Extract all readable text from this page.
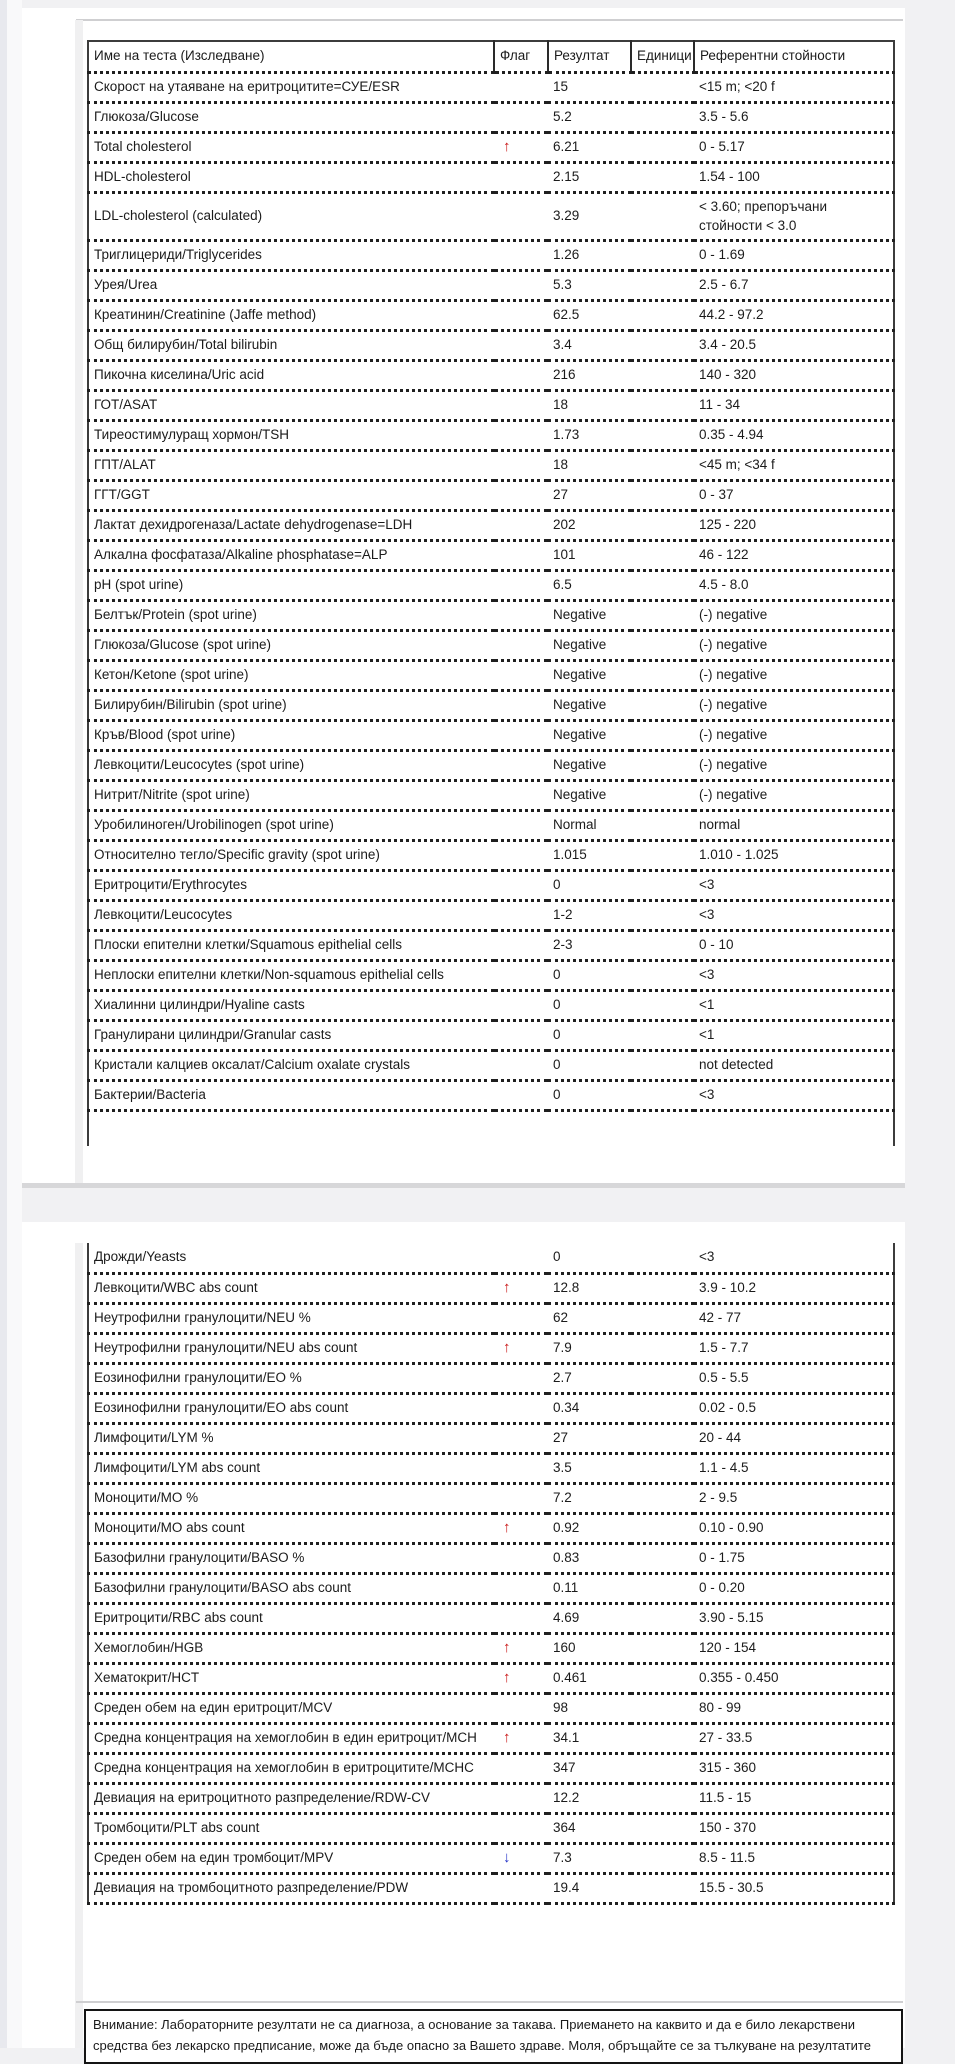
Име на теста (Изследване)	Флаг	Резултат	Единици	Референтни стойности
Скорост на утаяване на еритроцитите=СУЕ/ESR		15		<15 m; <20 f
Глюкоза/Glucose		5.2		3.5 - 5.6
Total cholesterol	↑	6.21		0 - 5.17
HDL-cholesterol		2.15		1.54 - 100
LDL-cholesterol (calculated)		3.29		< 3.60; препоръчани стойности < 3.0
Триглицериди/Triglycerides		1.26		0 - 1.69
Урея/Urea		5.3		2.5 - 6.7
Креатинин/Creatinine (Jaffe method)		62.5		44.2 - 97.2
Общ билирубин/Total bilirubin		3.4		3.4 - 20.5
Пикочна киселина/Uric acid		216		140 - 320
ГОТ/ASAT		18		11 - 34
Тиреостимулуращ хормон/TSH		1.73		0.35 - 4.94
ГПТ/ALAT		18		<45 m; <34 f
ГГТ/GGT		27		0 - 37
Лактат дехидрогеназа/Lactate dehydrogenase=LDH		202		125 - 220
Алкална фосфатаза/Alkaline phosphatase=ALP		101		46 - 122
pH (spot urine)		6.5		4.5 - 8.0
Белтък/Protein (spot urine)		Negative		(-) negative
Глюкоза/Glucose (spot urine)		Negative		(-) negative
Кетон/Ketone (spot urine)		Negative		(-) negative
Билирубин/Bilirubin (spot urine)		Negative		(-) negative
Кръв/Blood (spot urine)		Negative		(-) negative
Левкоцити/Leucocytes (spot urine)		Negative		(-) negative
Нитрит/Nitrite (spot urine)		Negative		(-) negative
Уробилиноген/Urobilinogen (spot urine)		Normal		normal
Относително тегло/Specific gravity (spot urine)		1.015		1.010 - 1.025
Еритроцити/Erythrocytes		0		<3
Левкоцити/Leucocytes		1-2		<3
Плоски епителни клетки/Squamous epithelial cells		2-3		0 - 10
Неплоски епителни клетки/Non-squamous epithelial cells		0		<3
Хиалинни цилиндри/Hyaline casts		0		<1
Гранулирани цилиндри/Granular casts		0		<1
Кристали калциев оксалат/Calcium oxalate crystals		0		not detected
Бактерии/Bacteria		0		<3

Дрожди/Yeasts		0		<3
Левкоцити/WBC abs count	↑	12.8		3.9 - 10.2
Неутрофилни гранулоцити/NEU %		62		42 - 77
Неутрофилни гранулоцити/NEU abs count	↑	7.9		1.5 - 7.7
Еозинофилни гранулоцити/EO %		2.7		0.5 - 5.5
Еозинофилни гранулоцити/EO abs count		0.34		0.02 - 0.5
Лимфоцити/LYM %		27		20 - 44
Лимфоцити/LYM abs count		3.5		1.1 - 4.5
Моноцити/MO %		7.2		2 - 9.5
Моноцити/MO abs count	↑	0.92		0.10 - 0.90
Базофилни гранулоцити/BASO %		0.83		0 - 1.75
Базофилни гранулоцити/BASO abs count		0.11		0 - 0.20
Еритроцити/RBC abs count		4.69		3.90 - 5.15
Хемоглобин/HGB	↑	160		120 - 154
Хематокрит/HCT	↑	0.461		0.355 - 0.450
Среден обем на един еритроцит/MCV		98		80 - 99
Средна концентрация на хемоглобин в един еритроцит/MCH	↑	34.1		27 - 33.5
Средна концентрация на хемоглобин в еритроцитите/MCHC		347		315 - 360
Девиация на еритроцитното разпределение/RDW-CV		12.2		11.5 - 15
Тромбоцити/PLT abs count		364		150 - 370
Среден обем на един тромбоцит/MPV	↓	7.3		8.5 - 11.5
Девиация на тромбоцитното разпределение/PDW		19.4		15.5 - 30.5
Внимание: Лабораторните резултати не са диагноза, а основание за такава. Приемането на каквито и да е било лекарствени средства без лекарско предписание, може да бъде опасно за Вашето здраве. Моля, обръщайте се за тълкуване на резултатите
